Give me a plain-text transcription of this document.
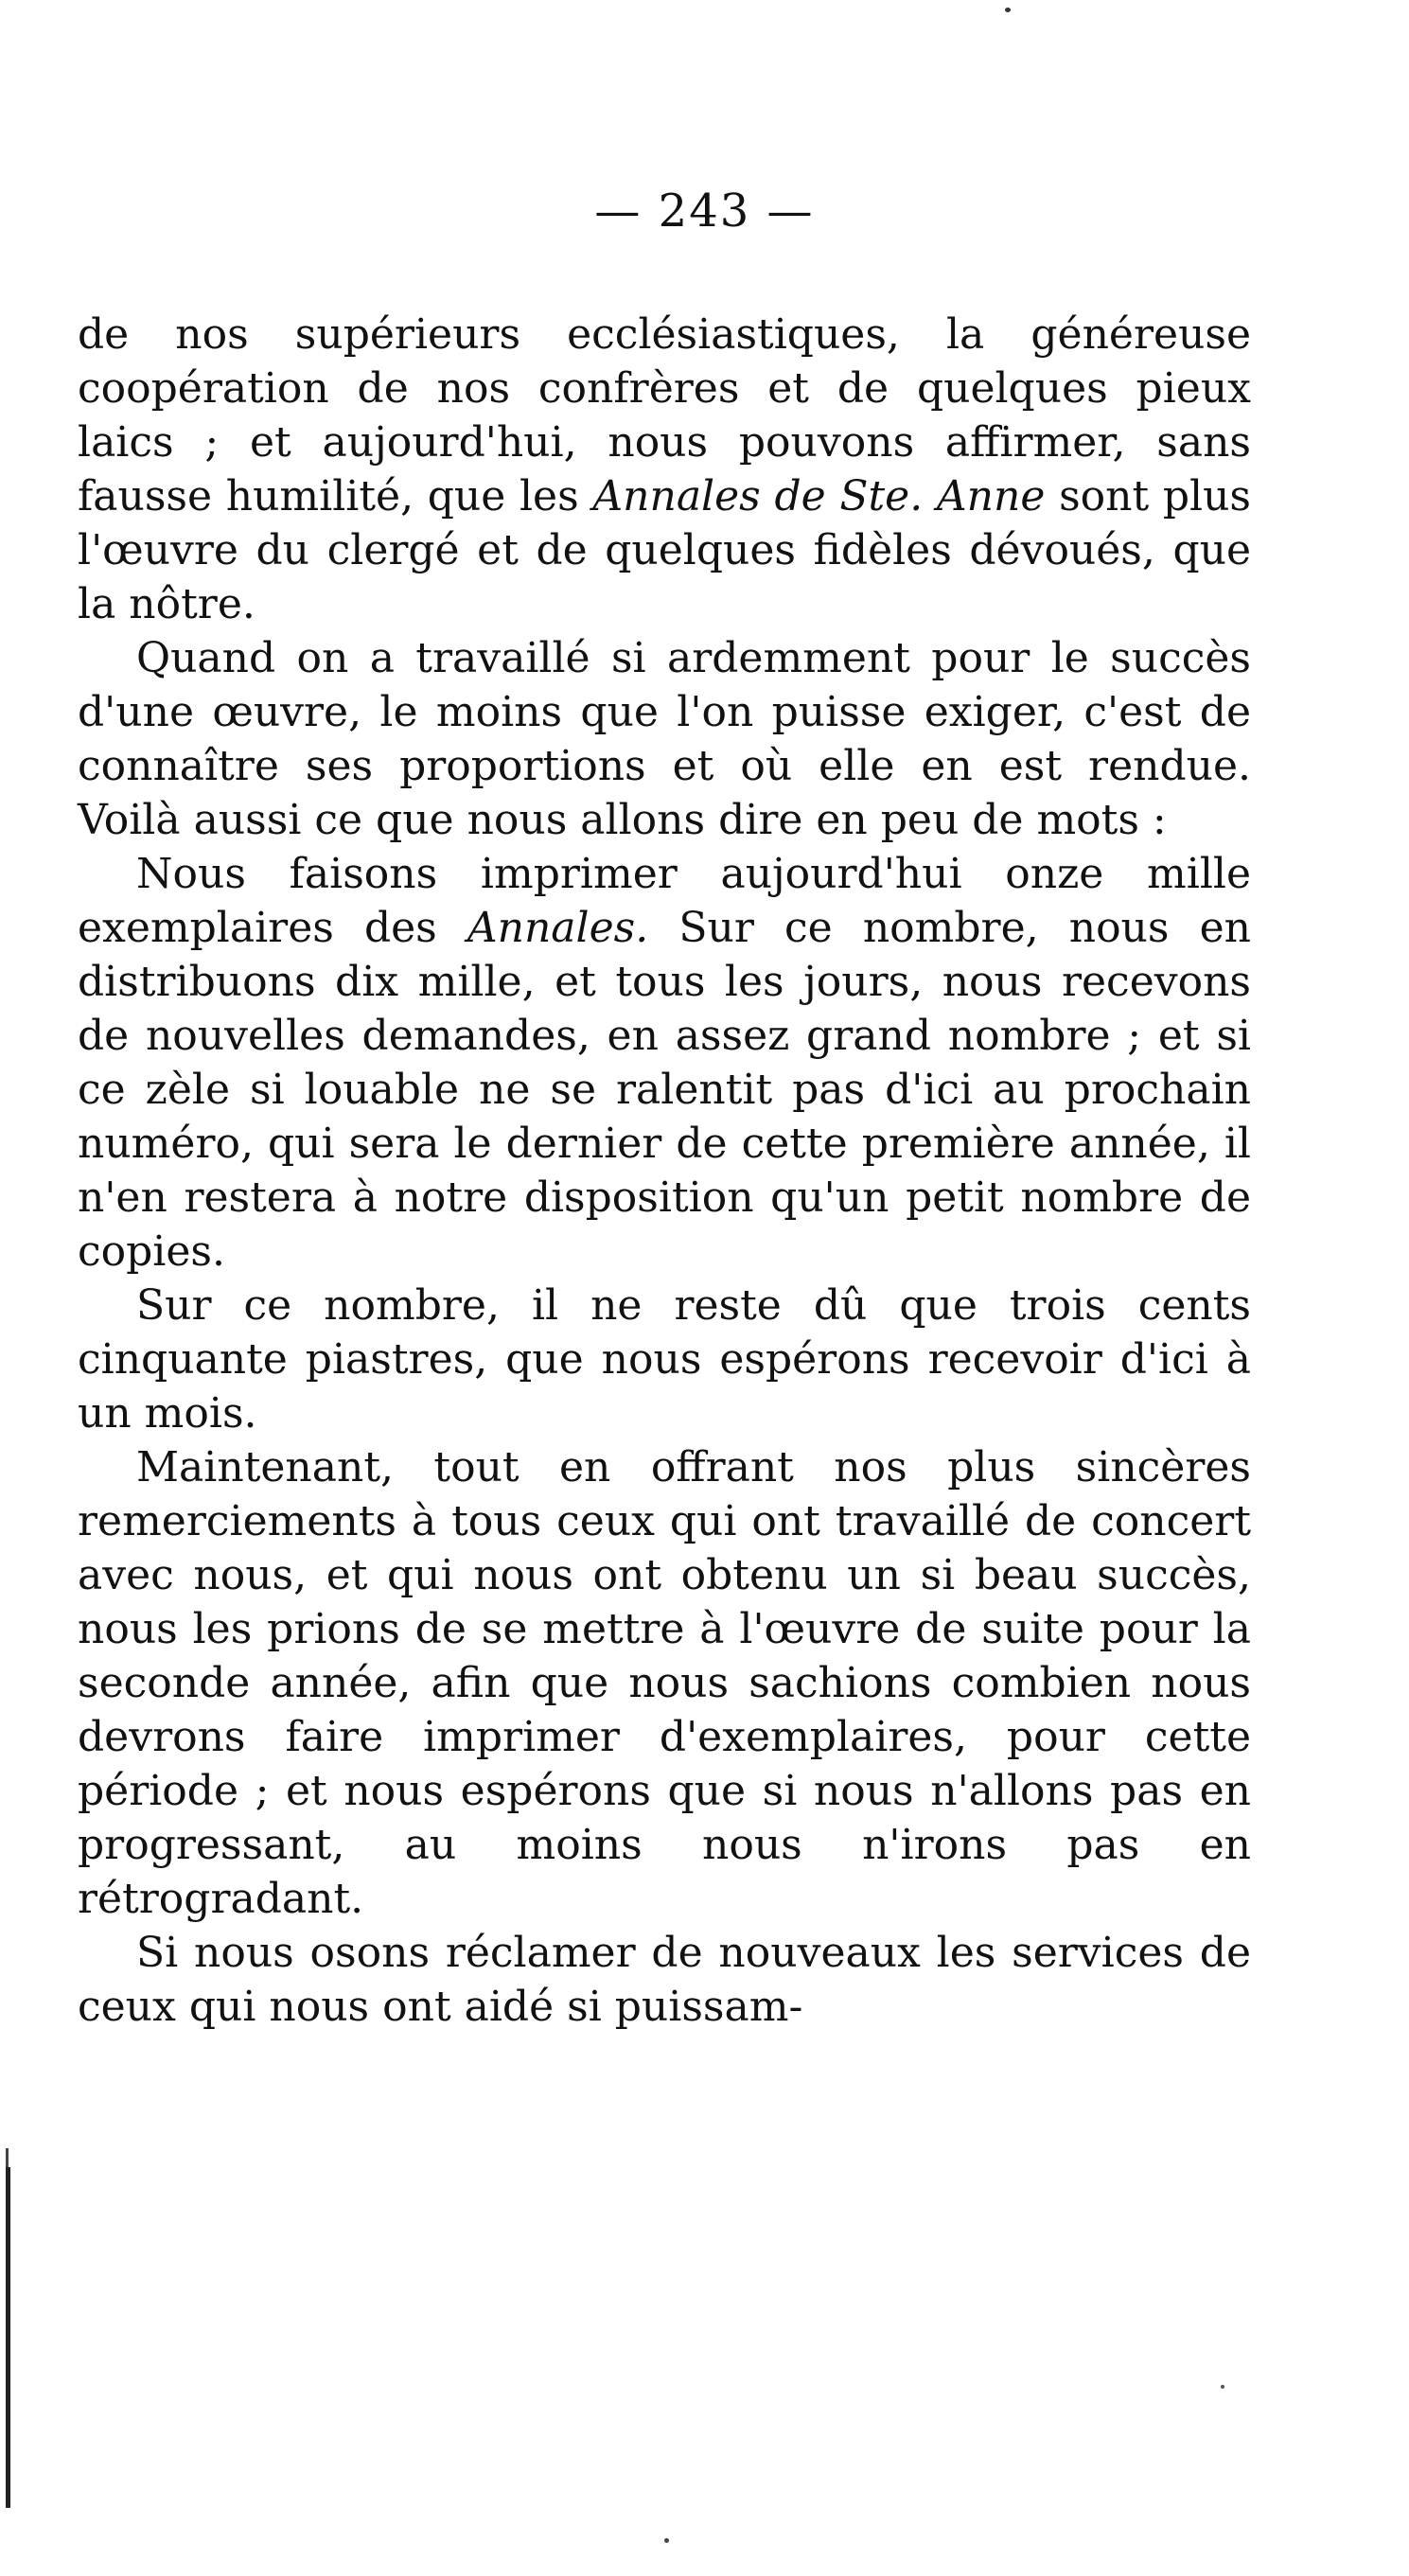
— 243 —

de nos supérieurs ecclésiastiques, la généreuse coopération de nos confrères et de quelques pieux laics ; et aujourd'hui, nous pouvons affirmer, sans fausse humilité, que les Annales de Ste. Anne sont plus l'œuvre du clergé et de quelques fidèles dévoués, que la nôtre.

Quand on a travaillé si ardemment pour le succès d'une œuvre, le moins que l'on puisse exiger, c'est de connaître ses proportions et où elle en est rendue. Voilà aussi ce que nous allons dire en peu de mots :

Nous faisons imprimer aujourd'hui onze mille exemplaires des Annales. Sur ce nombre, nous en distribuons dix mille, et tous les jours, nous recevons de nouvelles demandes, en assez grand nombre ; et si ce zèle si louable ne se ralentit pas d'ici au prochain numéro, qui sera le dernier de cette première année, il n'en restera à notre disposition qu'un petit nombre de copies.

Sur ce nombre, il ne reste dû que trois cents cinquante piastres, que nous espérons recevoir d'ici à un mois.

Maintenant, tout en offrant nos plus sincères remerciements à tous ceux qui ont travaillé de concert avec nous, et qui nous ont obtenu un si beau succès, nous les prions de se mettre à l'œuvre de suite pour la seconde année, afin que nous sachions combien nous devrons faire imprimer d'exemplaires, pour cette période ; et nous espérons que si nous n'allons pas en progressant, au moins nous n'irons pas en rétrogradant.

Si nous osons réclamer de nouveaux les services de ceux qui nous ont aidé si puissam-
